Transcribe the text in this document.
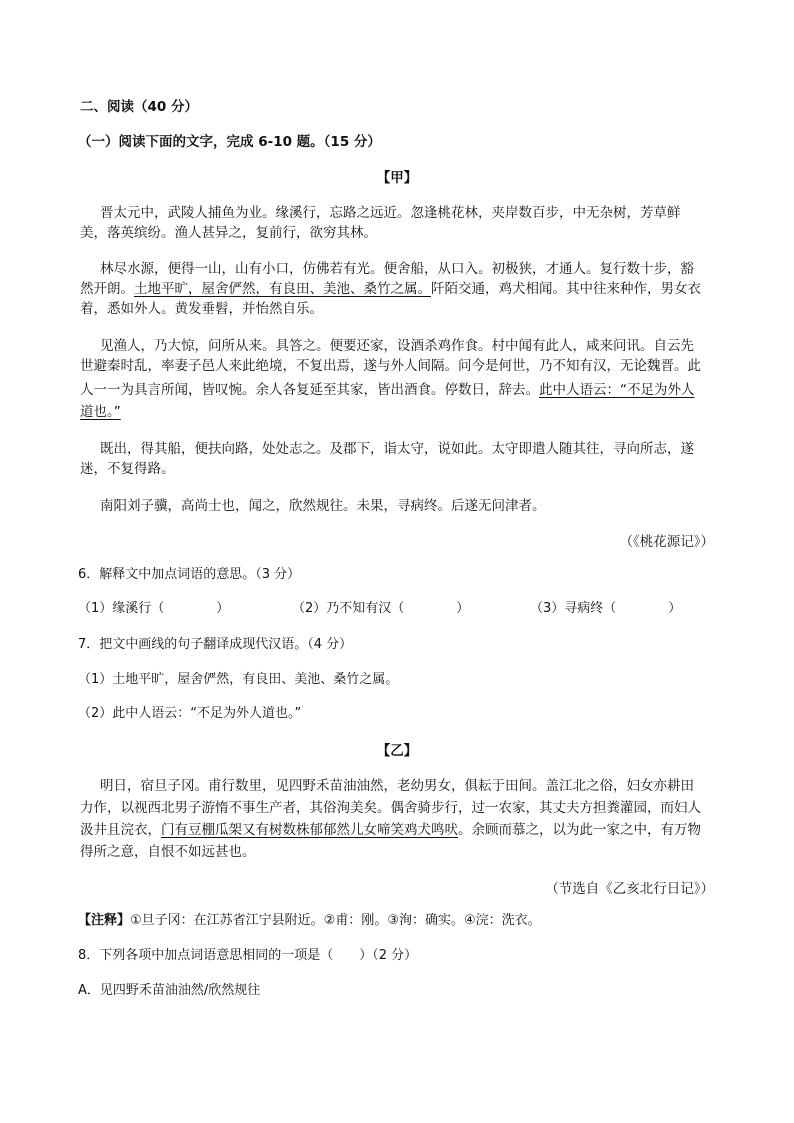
二、阅读（40 分）
（一）阅读下面的文字，完成 6-10 题。（15 分）
【甲】
晋太元中，武陵人捕鱼为业。缘溪行，忘路之远近。忽逢桃花林，夹岸数百步，中无杂树，芳草鲜
美，落英缤纷。渔人甚异之，复前行，欲穷其林。
林尽水源，便得一山，山有小口，仿佛若有光。便舍船，从口入。初极狭，才通人。复行数十步，豁
然开朗。土地平旷，屋舍俨然，有良田、美池、桑竹之属。阡陌交通，鸡犬相闻。其中往来种作，男女衣
着，悉如外人。黄发垂髫，并怡然自乐。
见渔人，乃大惊，问所从来。具答之。便要还家，设酒杀鸡作食。村中闻有此人，咸来问讯。自云先
世避秦时乱，率妻子邑人来此绝境，不复出焉，遂与外人间隔。问今是何世，乃不知有汉，无论魏晋。此
人一一为具言所闻，皆叹惋。余人各复延至其家，皆出酒食。停数日，辞去。此中人语云：“不足为外人
道也。”
既出，得其船，便扶向路，处处志之。及郡下，诣太守，说如此。太守即遣人随其往，寻向所志，遂
迷，不复得路。
南阳刘子骥，高尚士也，闻之，欣然规往。未果，寻病终。后遂无问津者。
（《桃花源记》）
6．解释文中加点词语的意思。（3 分）
（1）缘溪行（　　　　）	（2）乃不知有汉（　　　　）	（3）寻病终（　　　　）
7．把文中画线的句子翻译成现代汉语。（4 分）
（1）土地平旷，屋舍俨然，有良田、美池、桑竹之属。
（2）此中人语云：“不足为外人道也。”
【乙】
明日，宿旦子冈。甫行数里，见四野禾苗油油然，老幼男女，俱耘于田间。盖江北之俗，妇女亦耕田
力作，以视西北男子游惰不事生产者，其俗洵美矣。偶舍骑步行，过一农家，其丈夫方担粪灌园，而妇人
汲井且浣衣，门有豆棚瓜架又有树数株郁郁然儿女啼笑鸡犬鸣吠。余顾而慕之，以为此一家之中，有万物
得所之意，自恨不如远甚也。
（节选自《乙亥北行日记》）
【注释】①旦子冈：在江苏省江宁县附近。②甫：刚。③洵：确实。④浣：洗衣。
8．下列各项中加点词语意思相同的一项是（　　）（2 分）
A．见四野禾苗油油然/欣然规往
